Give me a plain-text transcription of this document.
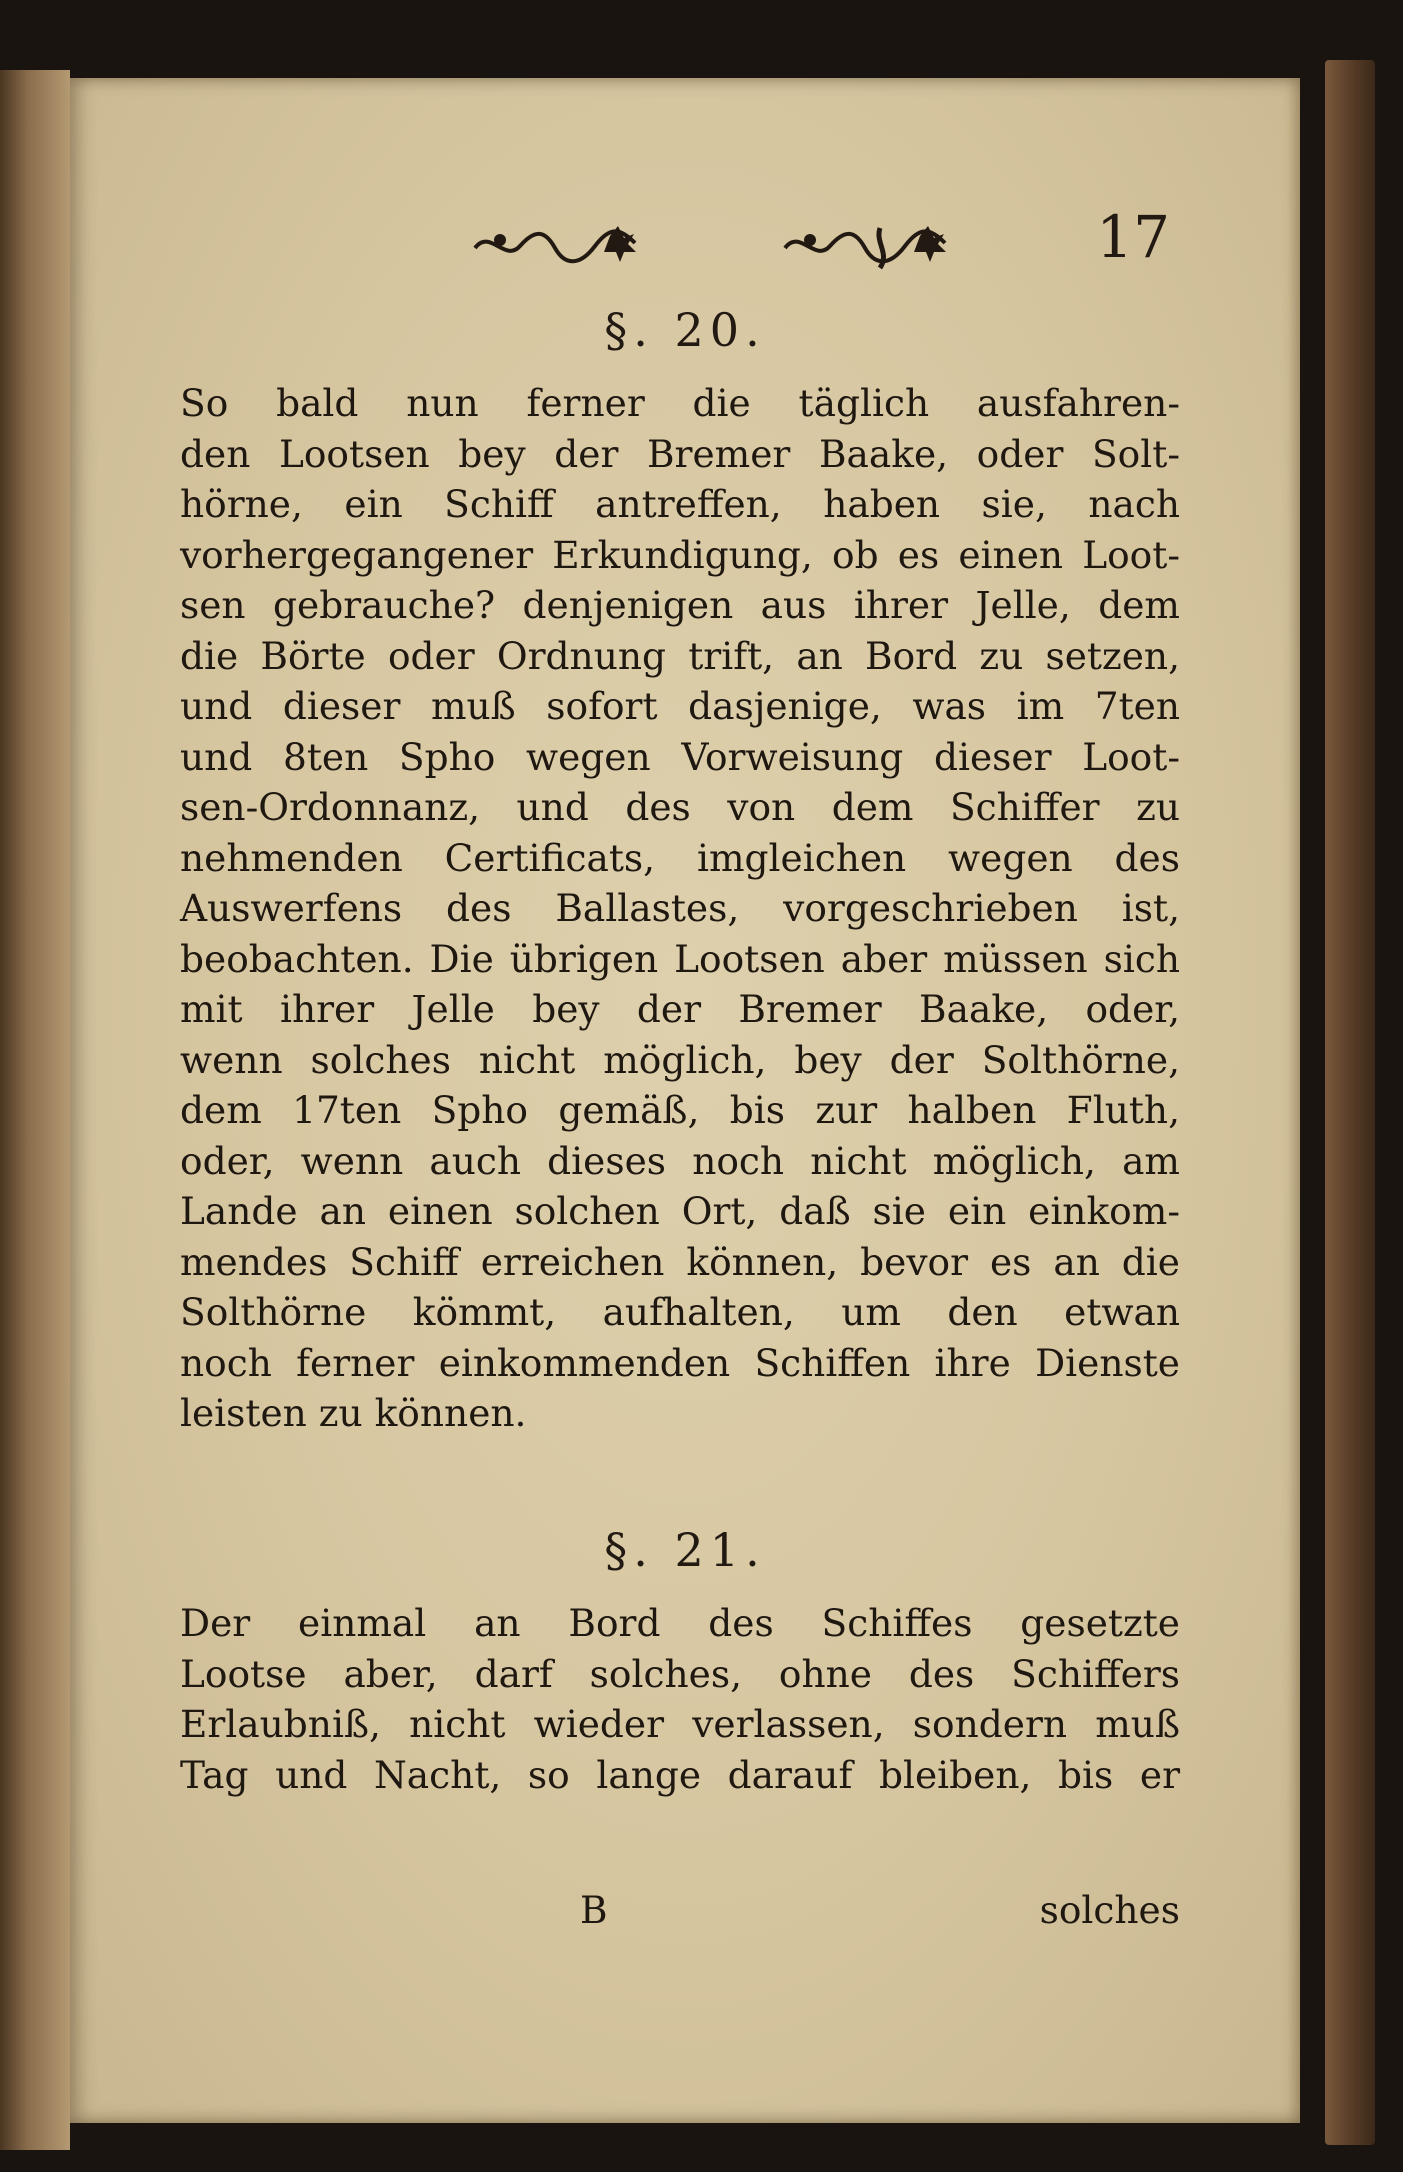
17
§. 20.
So bald nun ferner die täglich ausfahren-
den Lootsen bey der Bremer Baake, oder Solt-
hörne, ein Schiff antreffen, haben sie, nach
vorhergegangener Erkundigung, ob es einen Loot-
sen gebrauche? denjenigen aus ihrer Jelle, dem
die Börte oder Ordnung trift, an Bord zu setzen,
und dieser muß sofort dasjenige, was im 7ten
und 8ten Spho wegen Vorweisung dieser Loot-
sen-Ordonnanz, und des von dem Schiffer zu
nehmenden Certificats, imgleichen wegen des
Auswerfens des Ballastes, vorgeschrieben ist,
beobachten. Die übrigen Lootsen aber müssen sich
mit ihrer Jelle bey der Bremer Baake, oder,
wenn solches nicht möglich, bey der Solthörne,
dem 17ten Spho gemäß, bis zur halben Fluth,
oder, wenn auch dieses noch nicht möglich, am
Lande an einen solchen Ort, daß sie ein einkom-
mendes Schiff erreichen können, bevor es an die
Solthörne kömmt, aufhalten, um den etwan
noch ferner einkommenden Schiffen ihre Dienste
leisten zu können.
§. 21.
Der einmal an Bord des Schiffes gesetzte
Lootse aber, darf solches, ohne des Schiffers
Erlaubniß, nicht wieder verlassen, sondern muß
Tag und Nacht, so lange darauf bleiben, bis er
B	solches
